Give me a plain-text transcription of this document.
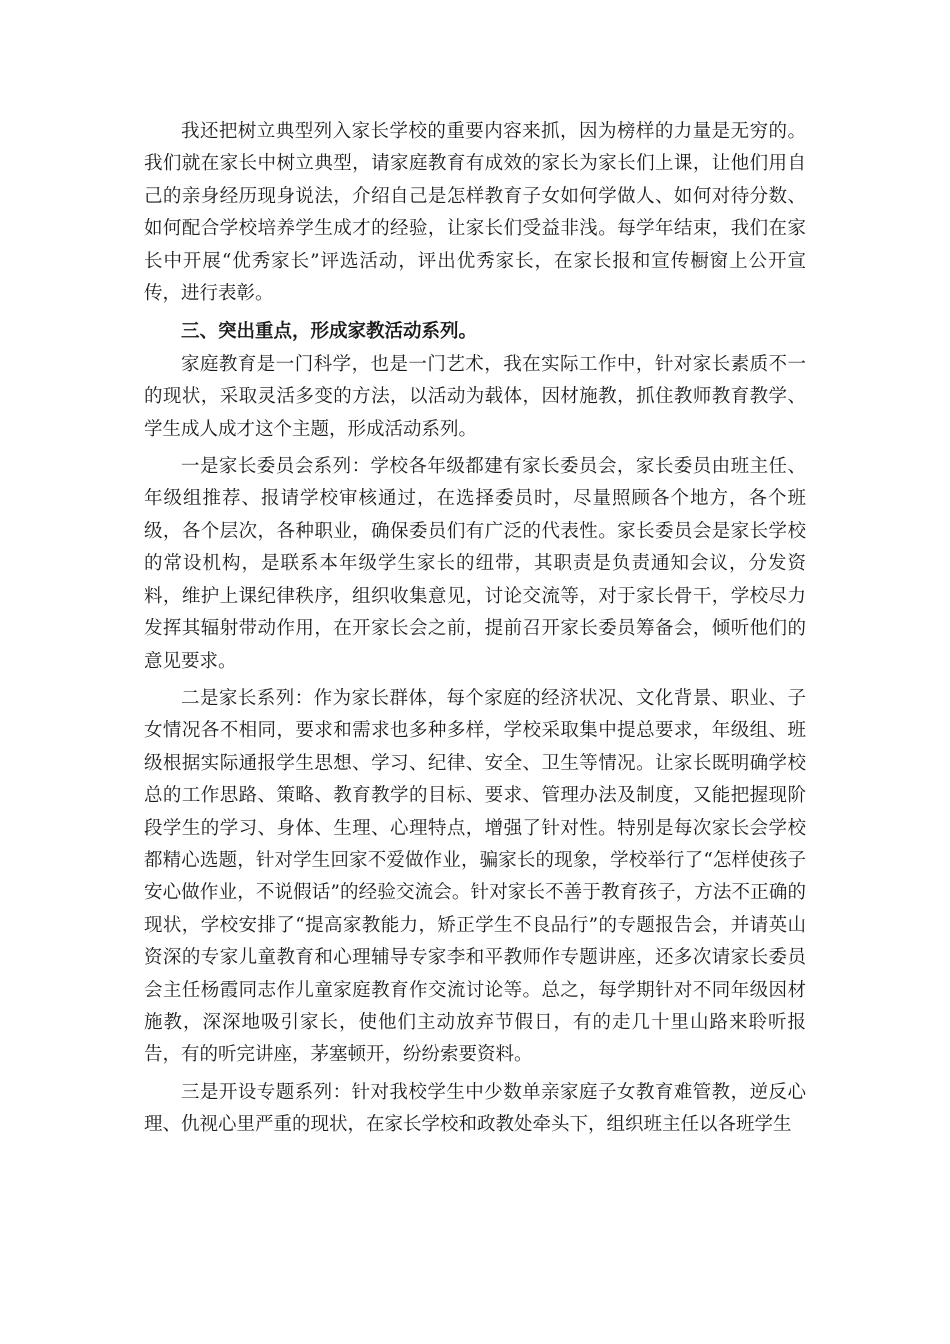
我还把树立典型列入家长学校的重要内容来抓，因为榜样的力量是无穷的。我们就在家长中树立典型，请家庭教育有成效的家长为家长们上课，让他们用自己的亲身经历现身说法，介绍自己是怎样教育子女如何学做人、如何对待分数、如何配合学校培养学生成才的经验，让家长们受益非浅。每学年结束，我们在家长中开展“优秀家长”评选活动，评出优秀家长，在家长报和宣传橱窗上公开宣传，进行表彰。

三、突出重点，形成家教活动系列。

家庭教育是一门科学，也是一门艺术，我在实际工作中，针对家长素质不一的现状，采取灵活多变的方法，以活动为载体，因材施教，抓住教师教育教学、学生成人成才这个主题，形成活动系列。

一是家长委员会系列：学校各年级都建有家长委员会，家长委员由班主任、年级组推荐、报请学校审核通过，在选择委员时，尽量照顾各个地方，各个班级，各个层次，各种职业，确保委员们有广泛的代表性。家长委员会是家长学校的常设机构，是联系本年级学生家长的纽带，其职责是负责通知会议，分发资料，维护上课纪律秩序，组织收集意见，讨论交流等，对于家长骨干，学校尽力发挥其辐射带动作用，在开家长会之前，提前召开家长委员筹备会，倾听他们的意见要求。

二是家长系列：作为家长群体，每个家庭的经济状况、文化背景、职业、子女情况各不相同，要求和需求也多种多样，学校采取集中提总要求，年级组、班级根据实际通报学生思想、学习、纪律、安全、卫生等情况。让家长既明确学校总的工作思路、策略、教育教学的目标、要求、管理办法及制度，又能把握现阶段学生的学习、身体、生理、心理特点，增强了针对性。特别是每次家长会学校都精心选题，针对学生回家不爱做作业，骗家长的现象，学校举行了“怎样使孩子安心做作业，不说假话”的经验交流会。针对家长不善于教育孩子，方法不正确的现状，学校安排了“提高家教能力，矫正学生不良品行”的专题报告会，并请英山资深的专家儿童教育和心理辅导专家李和平教师作专题讲座，还多次请家长委员会主任杨霞同志作儿童家庭教育作交流讨论等。总之，每学期针对不同年级因材施教，深深地吸引家长，使他们主动放弃节假日，有的走几十里山路来聆听报告，有的听完讲座，茅塞顿开，纷纷索要资料。

三是开设专题系列：针对我校学生中少数单亲家庭子女教育难管教，逆反心理、仇视心里严重的现状，在家长学校和政教处牵头下，组织班主任以各班学生
